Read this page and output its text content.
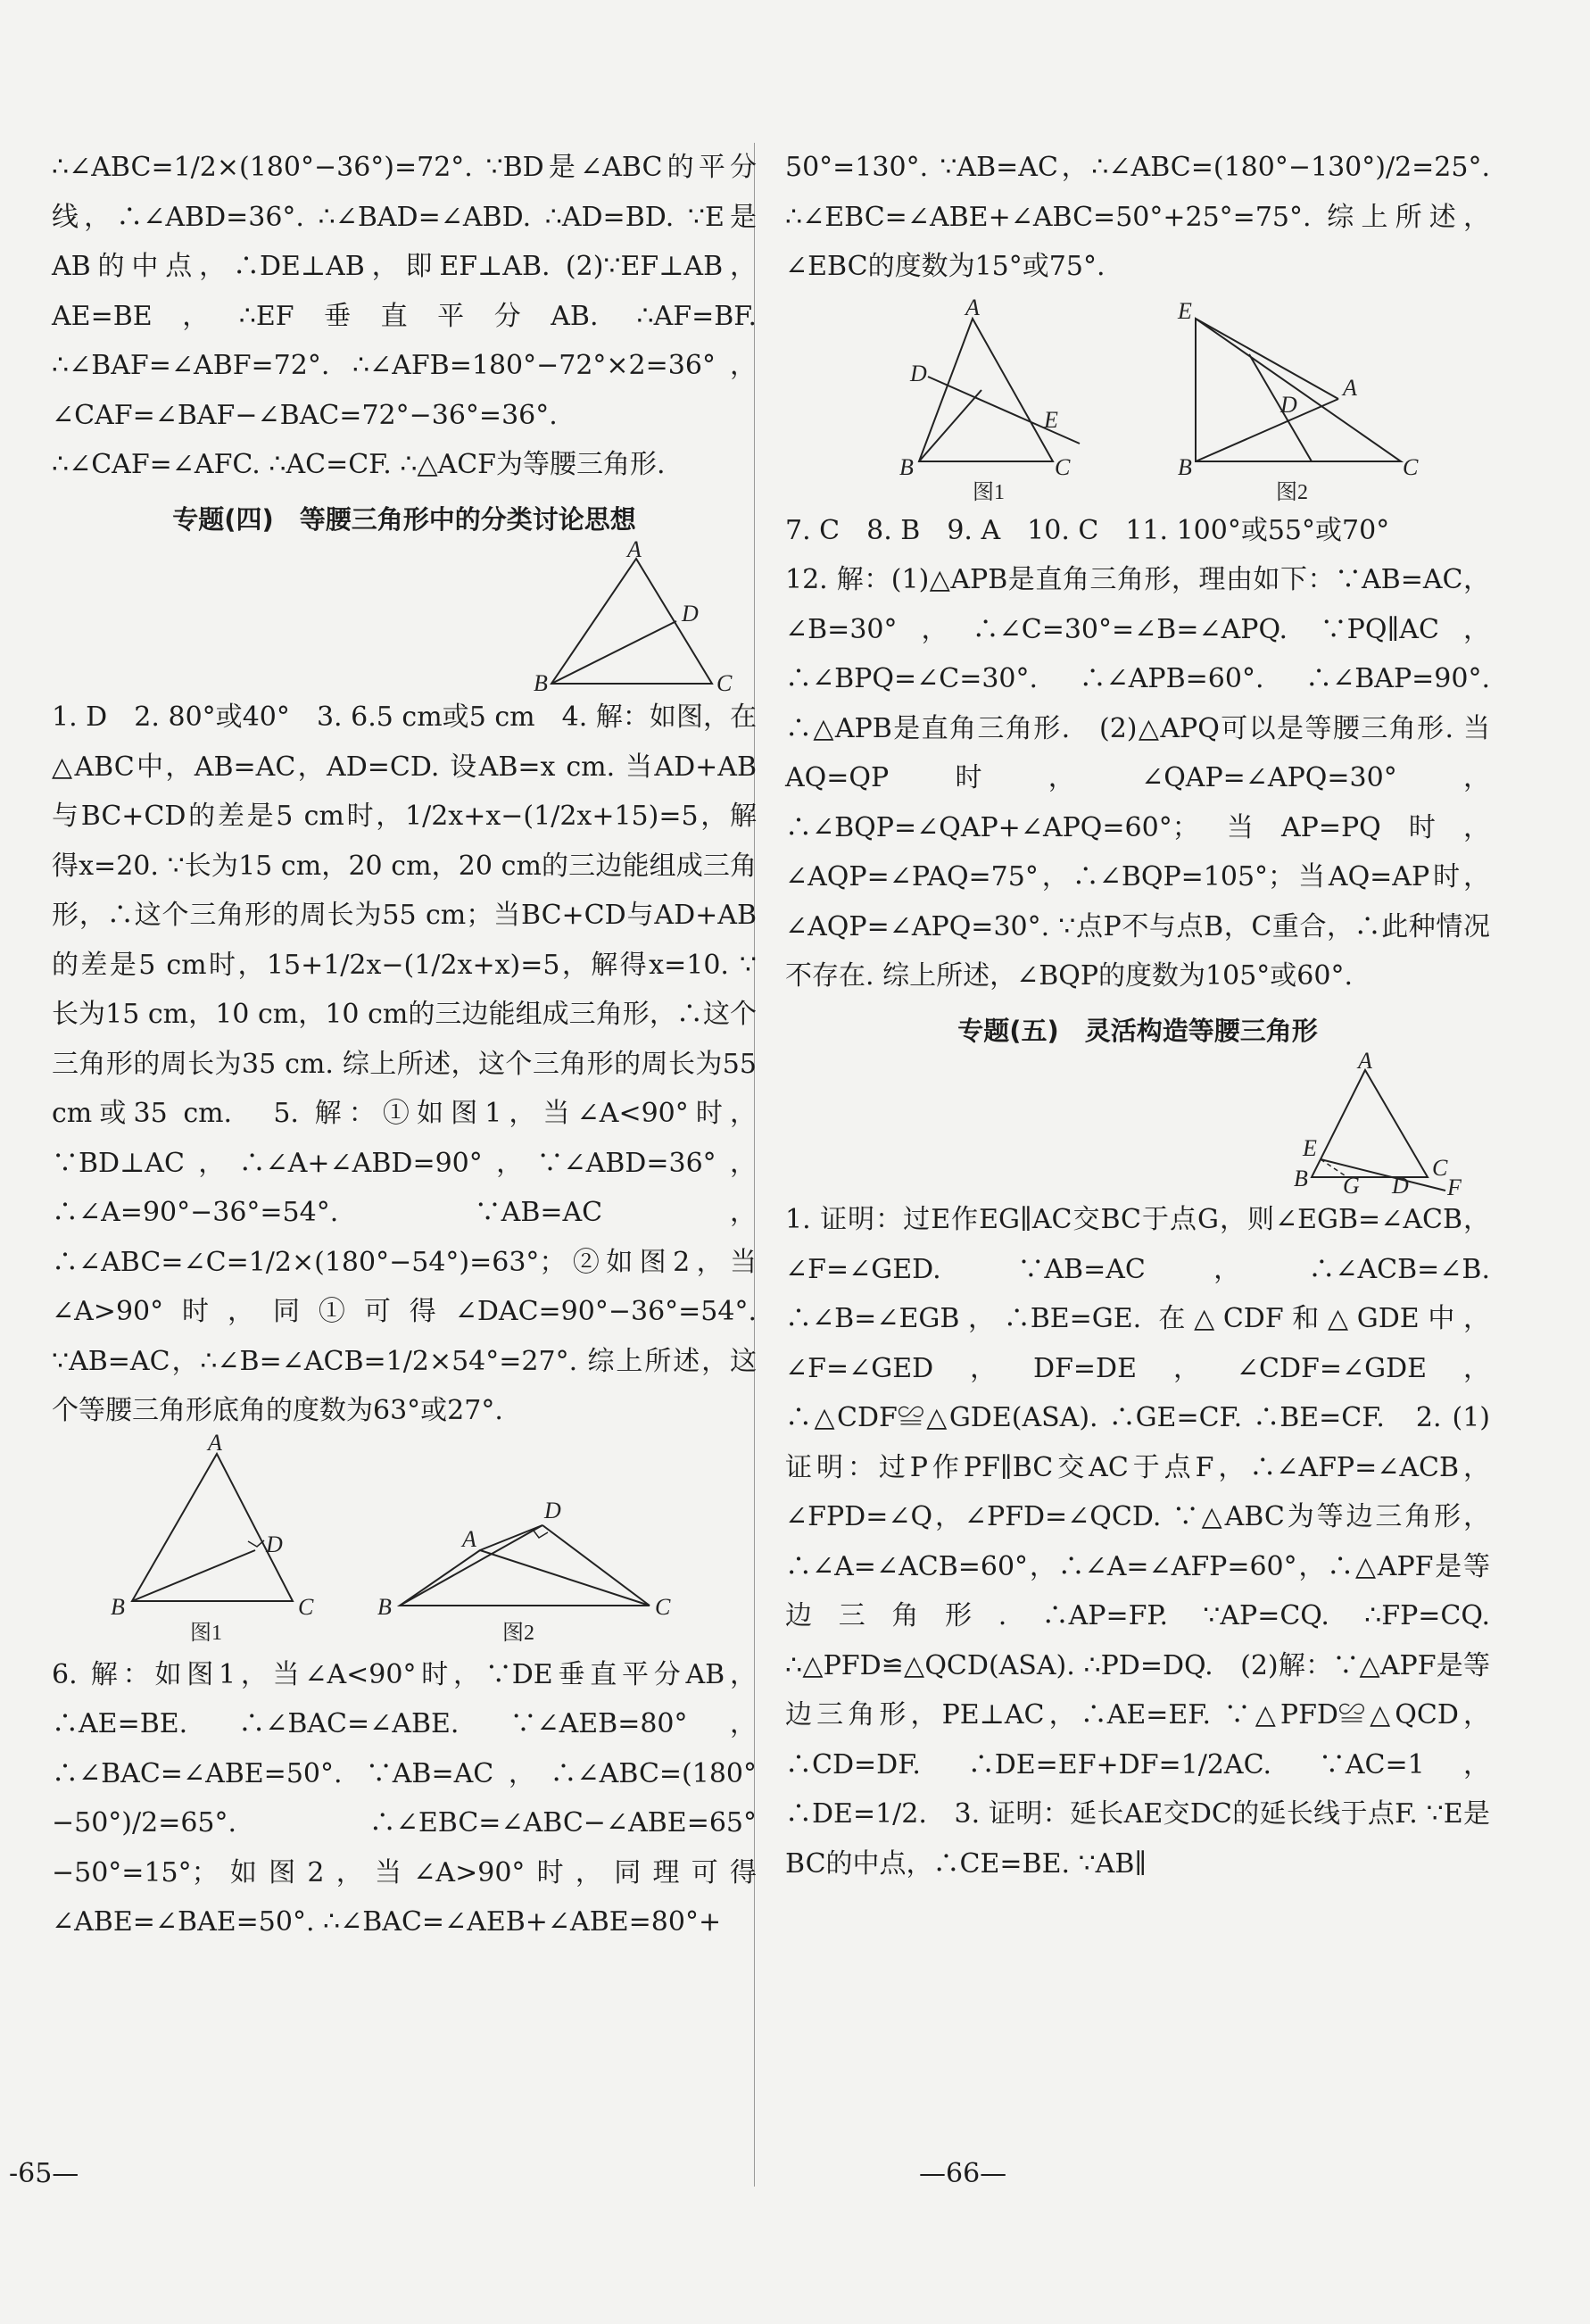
∴∠ABC=1/2×(180°−36°)=72°. ∵BD是∠ABC的平分线，∴∠ABD=36°. ∴∠BAD=∠ABD. ∴AD=BD. ∵E是AB的中点，∴DE⊥AB，即EF⊥AB. (2)∵EF⊥AB，AE=BE，∴EF垂直平分AB. ∴AF=BF. ∴∠BAF=∠ABF=72°. ∴∠AFB=180°−72°×2=36°，∠CAF=∠BAF−∠BAC=72°−36°=36°. ∴∠CAF=∠AFC. ∴AC=CF. ∴△ACF为等腰三角形.

专题(四)　等腰三角形中的分类讨论思想

A
B	C
D

1. D　2. 80°或40°　3. 6.5 cm或5 cm　4. 解：如图，在△ABC中，AB=AC，AD=CD. 设AB=x cm. 当AD+AB与BC+CD的差是5 cm时，1/2x+x−(1/2x+15)=5，解得x=20. ∵长为15 cm，20 cm，20 cm的三边能组成三角形，∴这个三角形的周长为55 cm；当BC+CD与AD+AB的差是5 cm时，15+1/2x−(1/2x+x)=5，解得x=10. ∵长为15 cm，10 cm，10 cm的三边能组成三角形，∴这个三角形的周长为35 cm. 综上所述，这个三角形的周长为55 cm或35 cm.　5. 解：①如图1，当∠A<90°时，∵BD⊥AC，∴∠A+∠ABD=90°，∵∠ABD=36°，∴∠A=90°−36°=54°. ∵AB=AC，∴∠ABC=∠C=1/2×(180°−54°)=63°；②如图2，当∠A>90°时，同①可得∠DAC=90°−36°=54°. ∵AB=AC，∴∠B=∠ACB=1/2×54°=27°. 综上所述，这个等腰三角形底角的度数为63°或27°.

A
B	C
D
图1
A
D
B	C
图2

6. 解：如图1，当∠A<90°时，∵DE垂直平分AB，∴AE=BE. ∴∠BAC=∠ABE. ∵∠AEB=80°，∴∠BAC=∠ABE=50°. ∵AB=AC，∴∠ABC=(180°−50°)/2=65°. ∴∠EBC=∠ABC−∠ABE=65°−50°=15°；如图2，当∠A>90°时，同理可得∠ABE=∠BAE=50°. ∴∠BAC=∠AEB+∠ABE=80°+

50°=130°. ∵AB=AC，∴∠ABC=(180°−130°)/2=25°. ∴∠EBC=∠ABE+∠ABC=50°+25°=75°. 综上所述，∠EBC的度数为15°或75°.

A
B	C
D
E
图1
E
A
D
B	C
图2

7. C　8. B　9. A　10. C　11. 100°或55°或70°

12. 解：(1)△APB是直角三角形，理由如下：∵AB=AC，∠B=30°，∴∠C=30°=∠B=∠APQ. ∵PQ∥AC，∴∠BPQ=∠C=30°. ∴∠APB=60°. ∴∠BAP=90°. ∴△APB是直角三角形.　(2)△APQ可以是等腰三角形. 当AQ=QP时，∠QAP=∠APQ=30°，∴∠BQP=∠QAP+∠APQ=60°；当AP=PQ时，∠AQP=∠PAQ=75°，∴∠BQP=105°；当AQ=AP时，∠AQP=∠APQ=30°. ∵点P不与点B，C重合，∴此种情况不存在. 综上所述，∠BQP的度数为105°或60°.

专题(五)　灵活构造等腰三角形

A
B G D
C
F
E

1. 证明：过E作EG∥AC交BC于点G，则∠EGB=∠ACB，∠F=∠GED. ∵AB=AC，∴∠ACB=∠B. ∴∠B=∠EGB，∴BE=GE. 在△CDF和△GDE中，∠F=∠GED，DF=DE，∠CDF=∠GDE，∴△CDF≌△GDE(ASA). ∴GE=CF. ∴BE=CF.　2. (1)证明：过P作PF∥BC交AC于点F，∴∠AFP=∠ACB，∠FPD=∠Q，∠PFD=∠QCD. ∵△ABC为等边三角形，∴∠A=∠ACB=60°，∴∠A=∠AFP=60°，∴△APF是等边三角形. ∴AP=FP. ∵AP=CQ. ∴FP=CQ. ∴△PFD≌△QCD(ASA). ∴PD=DQ.　(2)解：∵△APF是等边三角形，PE⊥AC，∴AE=EF. ∵△PFD≌△QCD，∴CD=DF. ∴DE=EF+DF=1/2AC. ∵AC=1，∴DE=1/2.　3. 证明：延长AE交DC的延长线于点F. ∵E是BC的中点，∴CE=BE. ∵AB∥

-65—	—66—
